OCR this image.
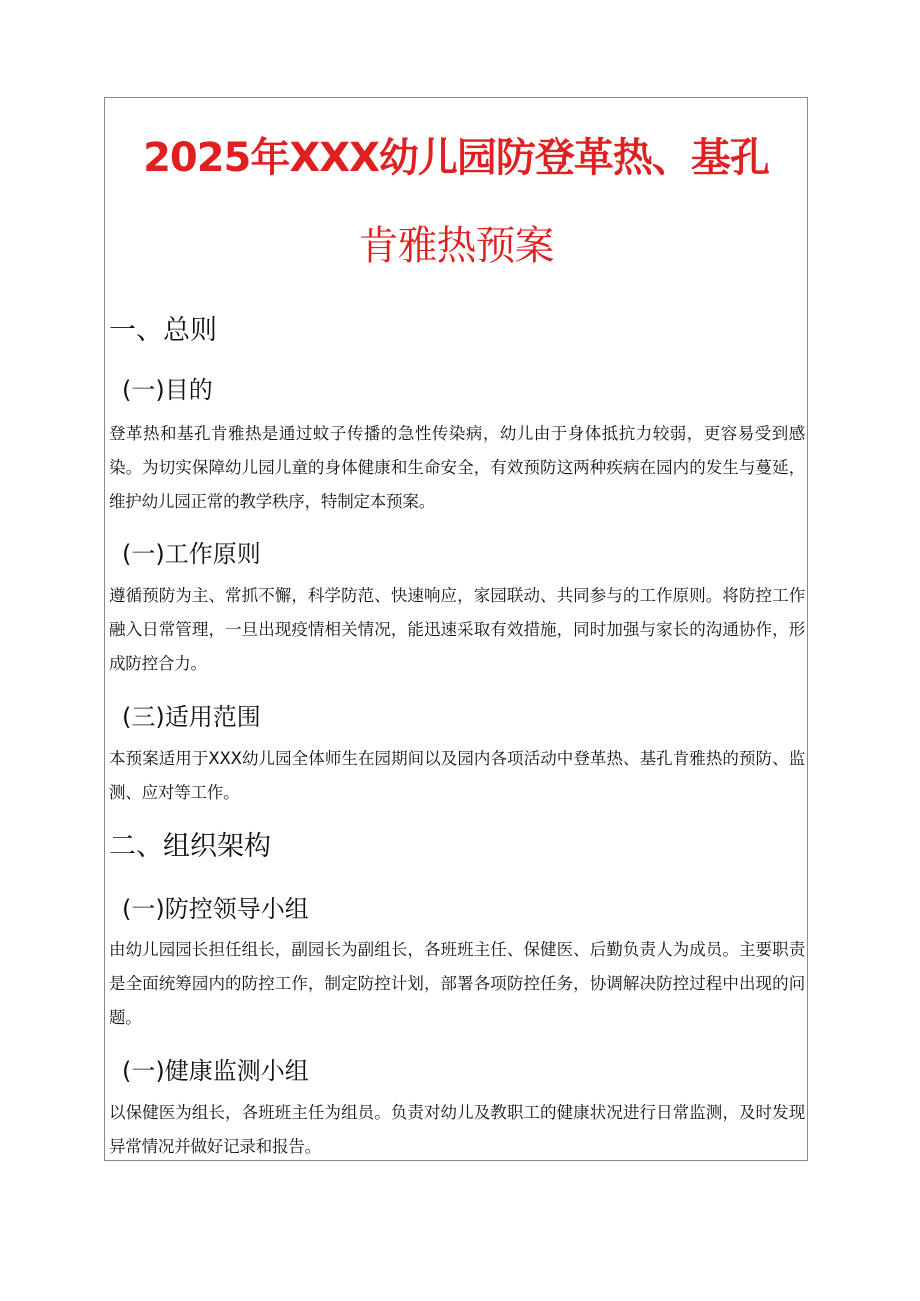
2025年XXX幼儿园防登革热、基孔
肯雅热预案
一、总则
(一)目的

登革热和基孔肯雅热是通过蚊子传播的急性传染病，幼儿由于身体抵抗力较弱，更容易受到感染。为切实保障幼儿园儿童的身体健康和生命安全，有效预防这两种疾病在园内的发生与蔓延，维护幼儿园正常的教学秩序，特制定本预案。

(一)工作原则

遵循预防为主、常抓不懈，科学防范、快速响应，家园联动、共同参与的工作原则。将防控工作融入日常管理，一旦出现疫情相关情况，能迅速采取有效措施，同时加强与家长的沟通协作，形成防控合力。

(三)适用范围

本预案适用于XXX幼儿园全体师生在园期间以及园内各项活动中登革热、基孔肯雅热的预防、监测、应对等工作。

二、组织架构
(一)防控领导小组

由幼儿园园长担任组长，副园长为副组长，各班班主任、保健医、后勤负责人为成员。主要职责是全面统筹园内的防控工作，制定防控计划，部署各项防控任务，协调解决防控过程中出现的问题。

(一)健康监测小组

以保健医为组长，各班班主任为组员。负责对幼儿及教职工的健康状况进行日常监测，及时发现异常情况并做好记录和报告。
